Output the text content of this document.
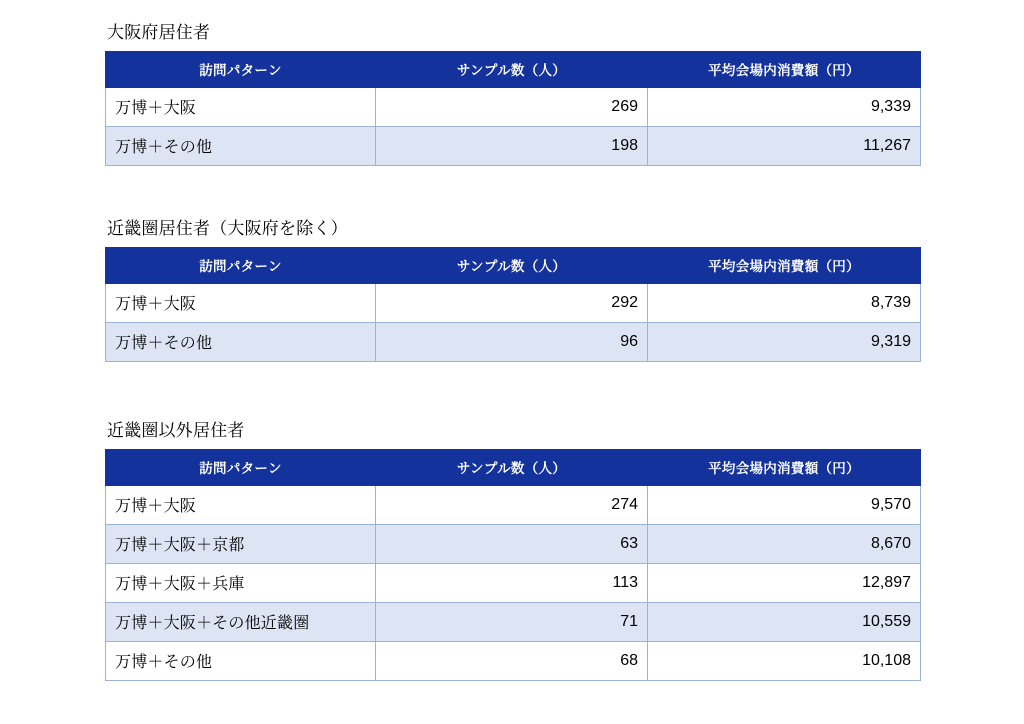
大阪府居住者
訪問パターン	サンプル数（人）	平均会場内消費額（円）
万博＋大阪	269	9,339
万博＋その他	198	11,267
近畿圏居住者（大阪府を除く）
訪問パターン	サンプル数（人）	平均会場内消費額（円）
万博＋大阪	292	8,739
万博＋その他	96	9,319
近畿圏以外居住者
訪問パターン	サンプル数（人）	平均会場内消費額（円）
万博＋大阪	274	9,570
万博＋大阪＋京都	63	8,670
万博＋大阪＋兵庫	113	12,897
万博＋大阪＋その他近畿圏	71	10,559
万博＋その他	68	10,108
